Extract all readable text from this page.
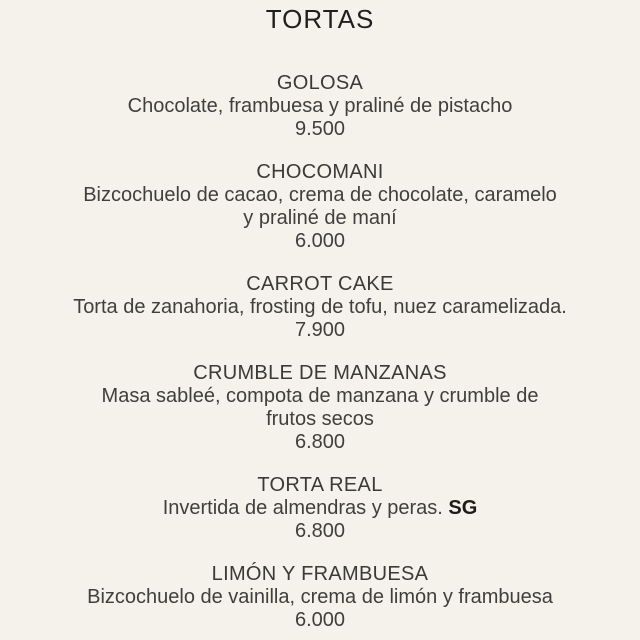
TORTAS
GOLOSA

Chocolate, frambuesa y praliné de pistacho

9.500

CHOCOMANI

Bizcochuelo de cacao, crema de chocolate, caramelo
y praliné de maní

6.000

CARROT CAKE

Torta de zanahoria, frosting de tofu, nuez caramelizada.

7.900

CRUMBLE DE MANZANAS

Masa sableé, compota de manzana y crumble de
frutos secos

6.800

TORTA REAL

Invertida de almendras y peras. SG

6.800

LIMÓN Y FRAMBUESA

Bizcochuelo de vainilla, crema de limón y frambuesa

6.000
